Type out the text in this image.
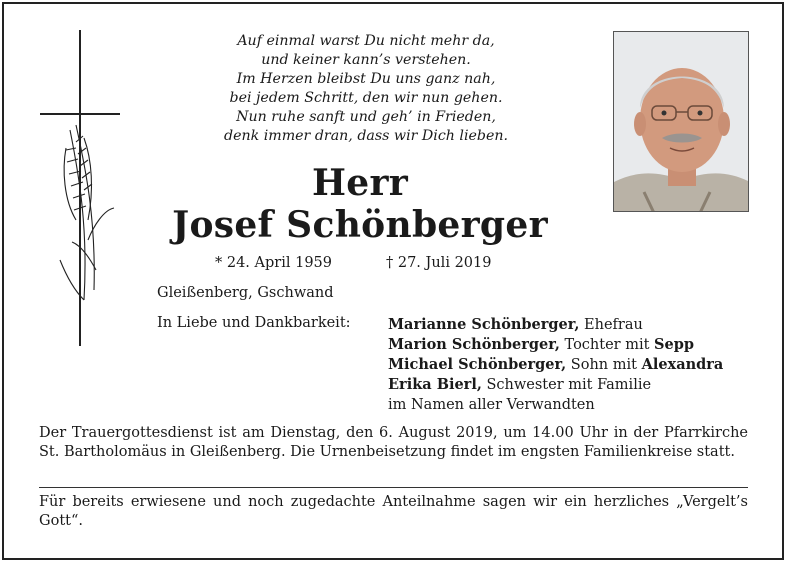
Auf einmal warst Du nicht mehr da,
und keiner kann’s verstehen.
Im Herzen bleibst Du uns ganz nah,
bei jedem Schritt, den wir nun gehen.
Nun ruhe sanft und geh’ in Frieden,
denk immer dran, dass wir Dich lieben.
Herr
Josef Schönberger
* 24. April 1959	† 27. Juli 2019
Gleißenberg, Gschwand
In Liebe und Dankbarkeit:	Marianne Schönberger, Ehefrau
Marion Schönberger, Tochter mit Sepp
Michael Schönberger, Sohn mit Alexandra
Erika Bierl, Schwester mit Familie
im Namen aller Verwandten
Der Trauergottesdienst ist am Dienstag, den 6. August 2019, um 14.00 Uhr in der Pfarrkirche St. Bartholomäus in Gleißenberg. Die Urnenbeisetzung findet im engsten Familienkreise statt.
Für bereits erwiesene und noch zugedachte Anteilnahme sagen wir ein herzliches „Vergelt’s Gott“.
